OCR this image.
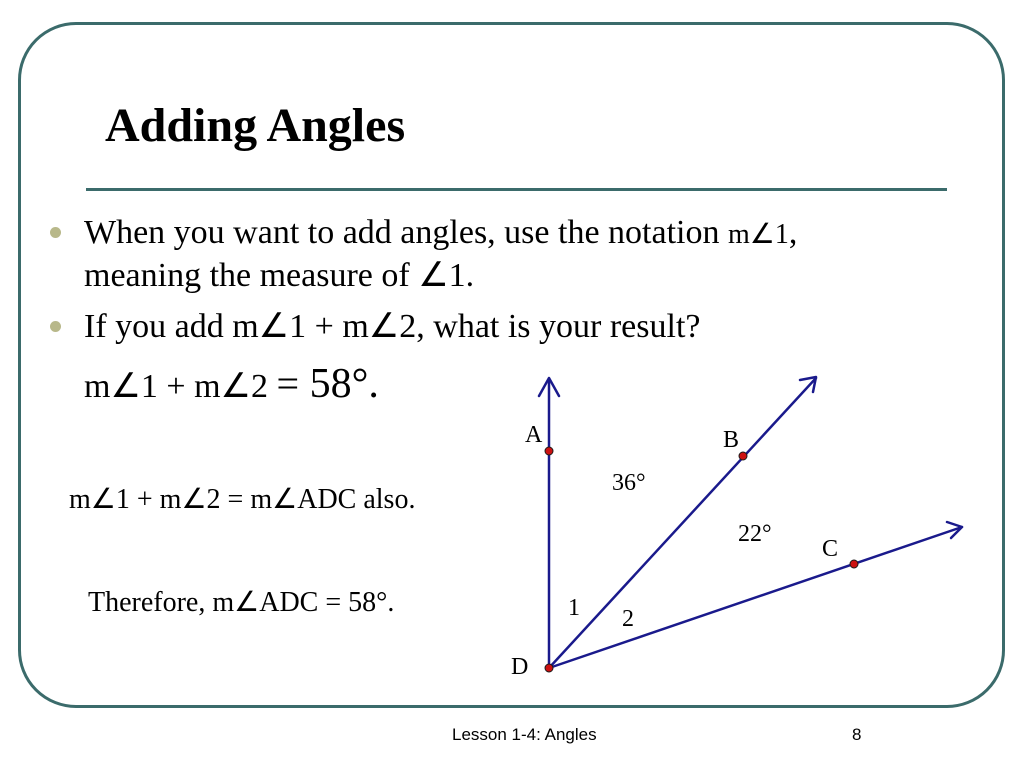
Adding Angles
When you want to add angles, use the notation m∠1, meaning the measure of ∠1.
If you add m∠1 + m∠2, what is your result?
m∠1 + m∠2 = 58°.
m∠1 + m∠2 = m∠ADC also.
Therefore, m∠ADC = 58°.
A	B
C
D
36°
22°
1 2
Lesson 1-4: Angles	8
